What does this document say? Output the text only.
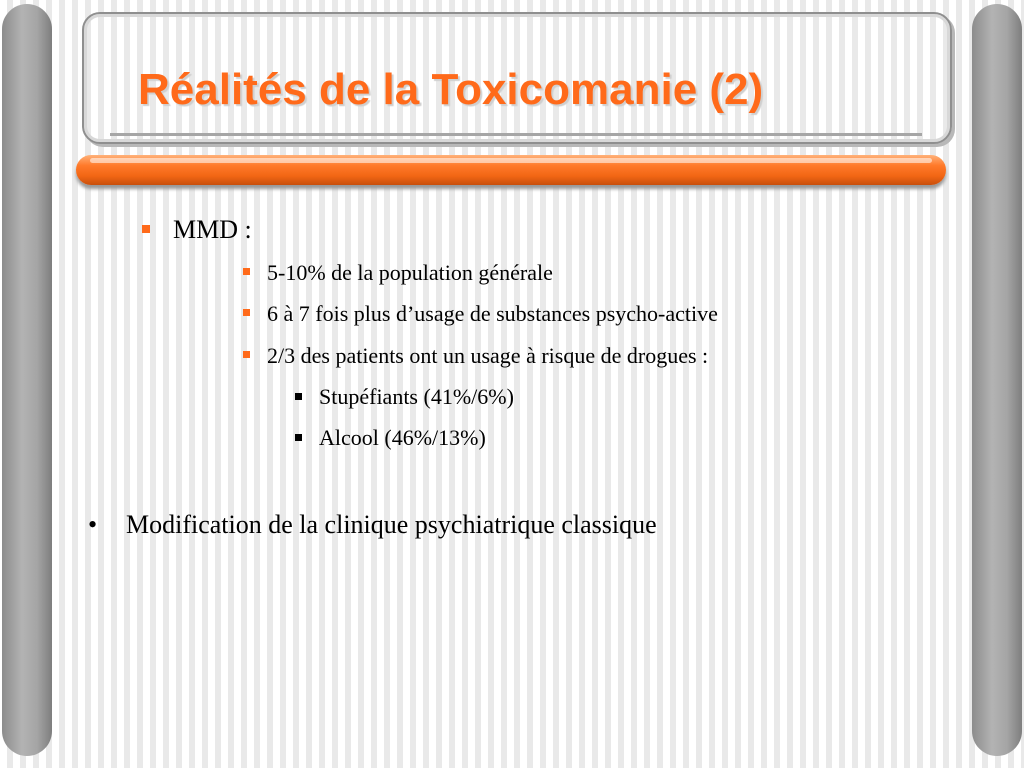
Réalités de la Toxicomanie (2)
MMD :
5-10% de la population générale
6 à 7 fois plus d’usage de substances psycho-active
2/3 des patients ont un usage à risque de drogues :
Stupéfiants (41%/6%)
Alcool (46%/13%)
• Modification de la clinique psychiatrique classique
